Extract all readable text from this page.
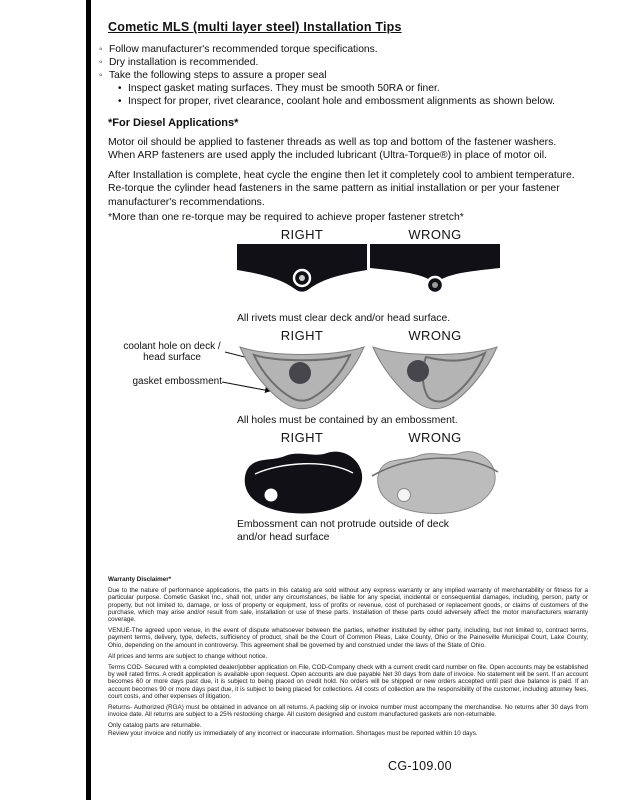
Cometic MLS (multi layer steel) Installation Tips
◦ Follow manufacturer's recommended torque specifications.
◦ Dry installation is recommended.
◦ Take the following steps to assure a proper seal
• Inspect gasket mating surfaces. They must be smooth 50RA or finer.
• Inspect for proper, rivet clearance, coolant hole and embossment alignments as shown below.
*For Diesel Applications*
Motor oil should be applied to fastener threads as well as top and bottom of the fastener washers. When ARP fasteners are used apply the included lubricant (Ultra-Torque®) in place of motor oil.
After Installation is complete, heat cycle the engine then let it completely cool to ambient temperature. Re-torque the cylinder head fasteners in the same pattern as initial installation or per your fastener manufacturer's recommendations.
*More than one re-torque may be required to achieve proper fastener stretch*
RIGHT	WRONG
All rivets must clear deck and/or head surface.
RIGHT	WRONG
coolant hole on deck / head surface
gasket embossment
All holes must be contained by an embossment.
RIGHT	WRONG
Embossment can not protrude outside of deck and/or head surface

Warranty Disclaimer*

Due to the nature of performance applications, the parts in this catalog are sold without any express warranty or any implied warranty of merchantability or fitness for a particular purpose. Cometic Gasket Inc., shall not, under any circumstances, be liable for any special, incidental or consequential damages, including, person, party or property, but not limited to, damage, or loss of property or equipment, loss of profits or revenue, cost of purchased or replacement goods, or claims of customers of the purchase, which may arise and/or result from sale, installation or use of these parts. Installation of these parts could adversely affect the motor manufacturers warranty coverage.

VENUE-The agreed upon venue, in the event of dispute whatsoever between the parties, whether instituted by either party, including, but not limited to, contract terms, payment terms, delivery, type, defects, sufficiency of product, shall be the Court of Common Pleas, Lake County, Ohio or the Painesville Municipal Court, Lake County, Ohio, depending on the amount in controversy. This agreement shall be governed by and construed under the laws of the State of Ohio.

All prices and terms are subject to change without notice.

Terms COD- Secured with a completed dealer/jobber application on File, COD-Company check with a current credit card number on file. Open accounts may be established by well rated firms. A credit application is available upon request. Open accounts are due payable Net 30 days from date of invoice. No statement will be sent. If an account becomes 60 or more days past due, it is subject to being placed on credit hold. No orders will be shipped or new orders accepted until past due balance is paid. If an account becomes 90 or more days past due, it is subject to being placed for collections. All costs of collection are the responsibility of the customer, including attorney fees, court costs, and other expenses of litigation.

Returns- Authorized (RGA) must be obtained in advance on all returns. A packing slip or invoice number must accompany the merchandise. No returns after 30 days from invoice date. All returns are subject to a 25% restocking charge. All custom designed and custom manufactured gaskets are non-returnable.

Only catalog parts are returnable.

Review your invoice and notify us immediately of any incorrect or inaccurate information. Shortages must be reported within 10 days.

CG-109.00
